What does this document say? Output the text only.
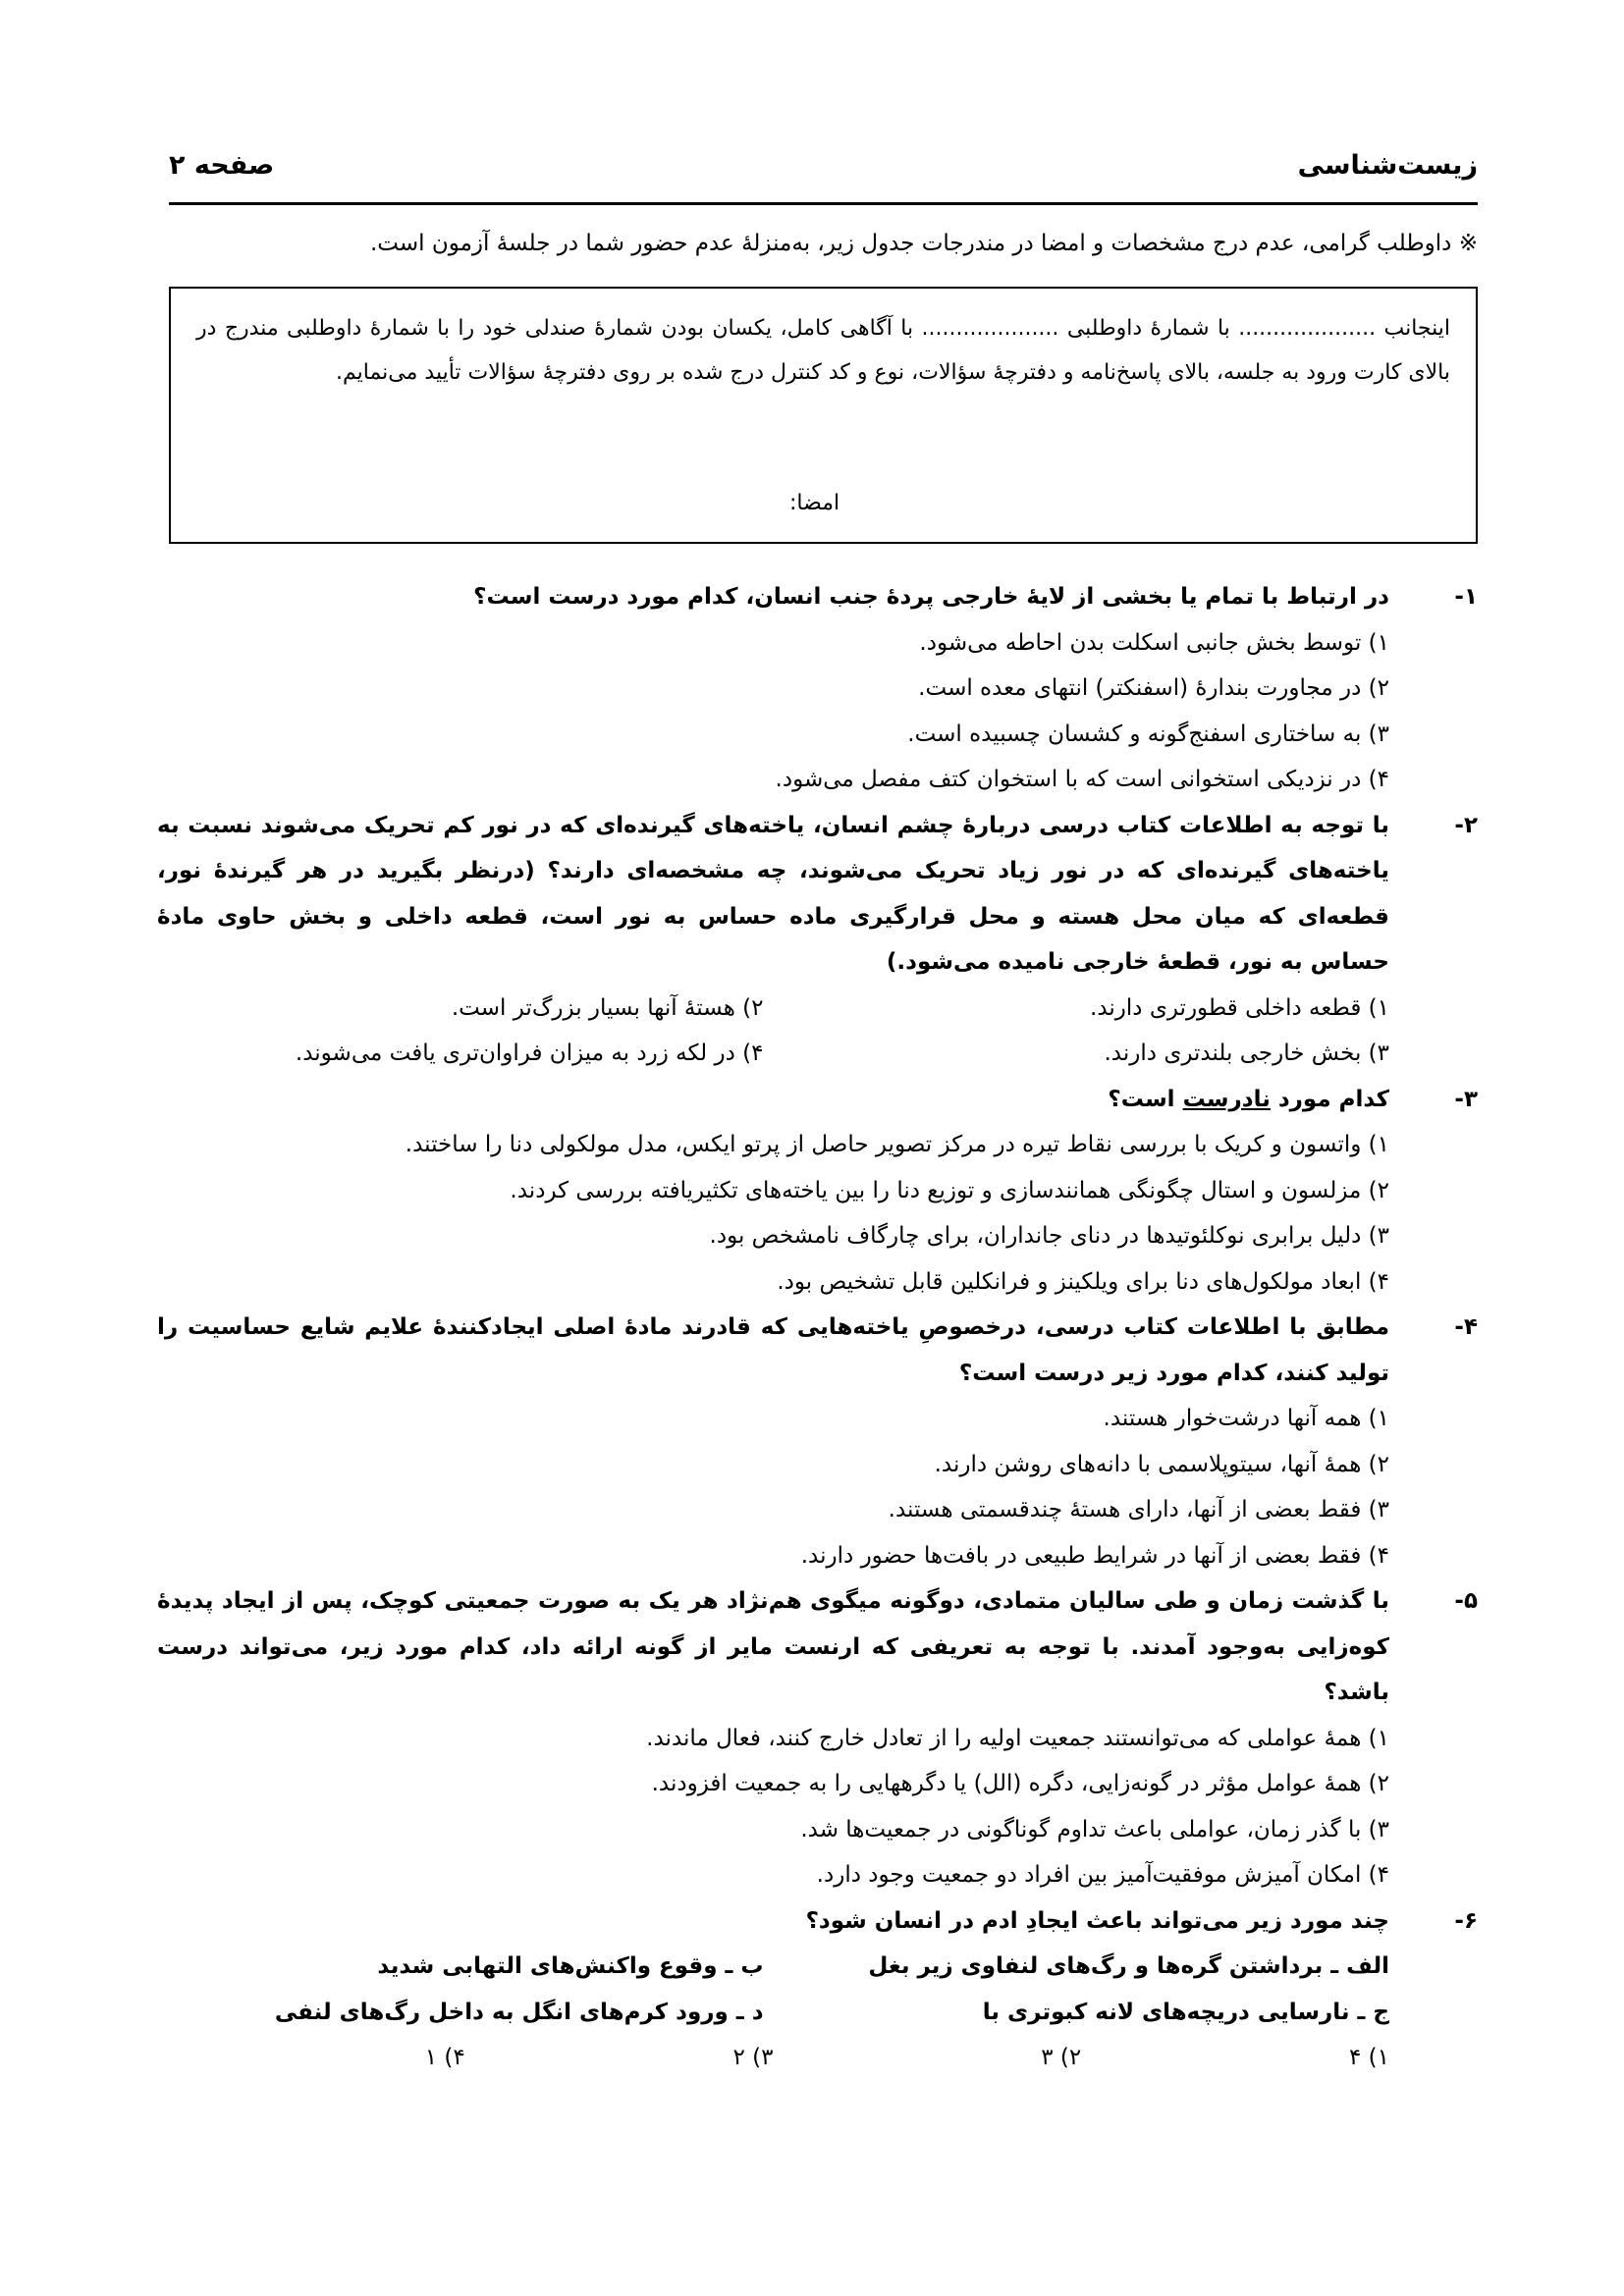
زیست‌شناسی
صفحه ۲
※ داوطلب گرامی، عدم درج مشخصات و امضا در مندرجات جدول زیر، به‌منزلهٔ عدم حضور شما در جلسهٔ آزمون است.
اینجانب .................... با شمارهٔ داوطلبی .................... با آگاهی کامل، یکسان بودن شمارهٔ صندلی خود را با شمارهٔ داوطلبی مندرج در بالای کارت ورود به جلسه، بالای پاسخ‌نامه و دفترچهٔ سؤالات، نوع و کد کنترل درج شده بر روی دفترچهٔ سؤالات تأیید می‌نمایم.
امضا:
۱-
در ارتباط با تمام یا بخشی از لایهٔ خارجی پردهٔ جنب انسان، کدام مورد درست است؟
۱) توسط بخش جانبی اسکلت بدن احاطه می‌شود.
۲) در مجاورت بندارهٔ (اسفنکتر) انتهای معده است.
۳) به ساختاری اسفنج‌گونه و کشسان چسبیده است.
۴) در نزدیکی استخوانی است که با استخوان کتف مفصل می‌شود.
۲-
با توجه به اطلاعات کتاب درسی دربارهٔ چشم انسان، یاخته‌های گیرنده‌ای که در نور کم تحریک می‌شوند نسبت به یاخته‌های گیرنده‌ای که در نور زیاد تحریک می‌شوند، چه مشخصه‌ای دارند؟ (درنظر بگیرید در هر گیرندهٔ نور، قطعه‌ای که میان محل هسته و محل قرارگیری ماده حساس به نور است، قطعه داخلی و بخش حاوی مادهٔ حساس به نور، قطعهٔ خارجی نامیده می‌شود.)
۱) قطعه داخلی قطورتری دارند.
۲) هستهٔ آنها بسیار بزرگ‌تر است.
۳) بخش خارجی بلندتری دارند.
۴) در لکه زرد به میزان فراوان‌تری یافت می‌شوند.
۳-
کدام مورد نادرست است؟
۱) واتسون و کریک با بررسی نقاط تیره در مرکز تصویر حاصل از پرتو ایکس، مدل مولکولی دنا را ساختند.
۲) مزلسون و استال چگونگی همانندسازی و توزیع دنا را بین یاخته‌های تکثیریافته بررسی کردند.
۳) دلیل برابری نوکلئوتیدها در دنای جانداران، برای چارگاف نامشخص بود.
۴) ابعاد مولکول‌های دنا برای ویلکینز و فرانکلین قابل تشخیص بود.
۴-
مطابق با اطلاعات کتاب درسی، درخصوصِ یاخته‌هایی که قادرند مادهٔ اصلی ایجادکنندهٔ علایم شایع حساسیت را تولید کنند، کدام مورد زیر درست است؟
۱) همه آنها درشت‌خوار هستند.
۲) همهٔ آنها، سیتوپلاسمی با دانه‌های روشن دارند.
۳) فقط بعضی از آنها، دارای هستهٔ چندقسمتی هستند.
۴) فقط بعضی از آنها در شرایط طبیعی در بافت‌ها حضور دارند.
۵-
با گذشت زمان و طی سالیان متمادی، دوگونه میگوی هم‌نژاد هر یک به صورت جمعیتی کوچک، پس از ایجاد پدیدهٔ کوه‌زایی به‌وجود آمدند. با توجه به تعریفی که ارنست مایر از گونه ارائه داد، کدام مورد زیر، می‌تواند درست باشد؟
۱) همهٔ عواملی که می‌توانستند جمعیت اولیه را از تعادل خارج کنند، فعال ماندند.
۲) همهٔ عوامل مؤثر در گونه‌زایی، دگره (الل) یا دگرههایی را به جمعیت افزودند.
۳) با گذر زمان، عواملی باعث تداوم گوناگونی در جمعیت‌ها شد.
۴) امکان آمیزش موفقیت‌آمیز بین افراد دو جمعیت وجود دارد.
۶-
چند مورد زیر می‌تواند باعث ایجادِ ادم در انسان شود؟
الف ـ برداشتن گره‌ها و رگ‌های لنفاوی زیر بغل
ب ـ وقوع واکنش‌های التهابی شدید
ج ـ نارسایی دریچه‌های لانه کبوتری با
د ـ ورود کرم‌های انگل به داخل رگ‌های لنفی
۱) ۴
۲) ۳
۳) ۲
۴) ۱
